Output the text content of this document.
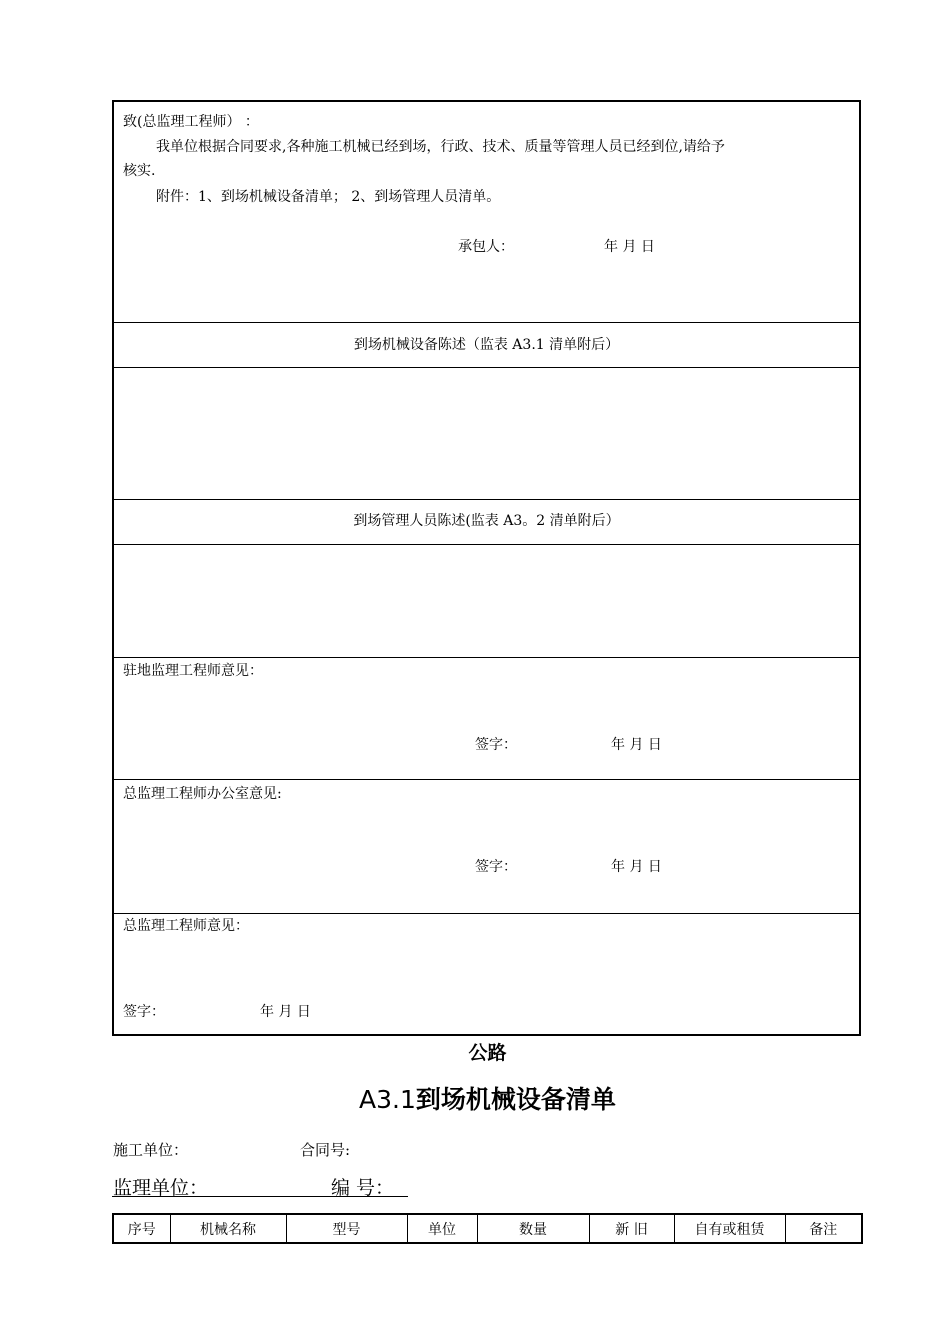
致(总监理工程师） ：
我单位根据合同要求,各种施工机械已经到场，行政、技术、质量等管理人员已经到位,请给予
核实.
附件：1、到场机械设备清单； 2、到场管理人员清单。
承包人：	年 月 日
到场机械设备陈述（监表 A3.1 清单附后）
到场管理人员陈述(监表 A3。2 清单附后）
驻地监理工程师意见：
签字：	年 月 日
总监理工程师办公室意见:
签字：	年 月 日
总监理工程师意见：
签字：	年 月 日
公路
A3.1到场机械设备清单
施工单位：	合同号:
监理单位：	编 号：
序号	机械名称	型号	单位	数量	新 旧	自有或租赁	备注
